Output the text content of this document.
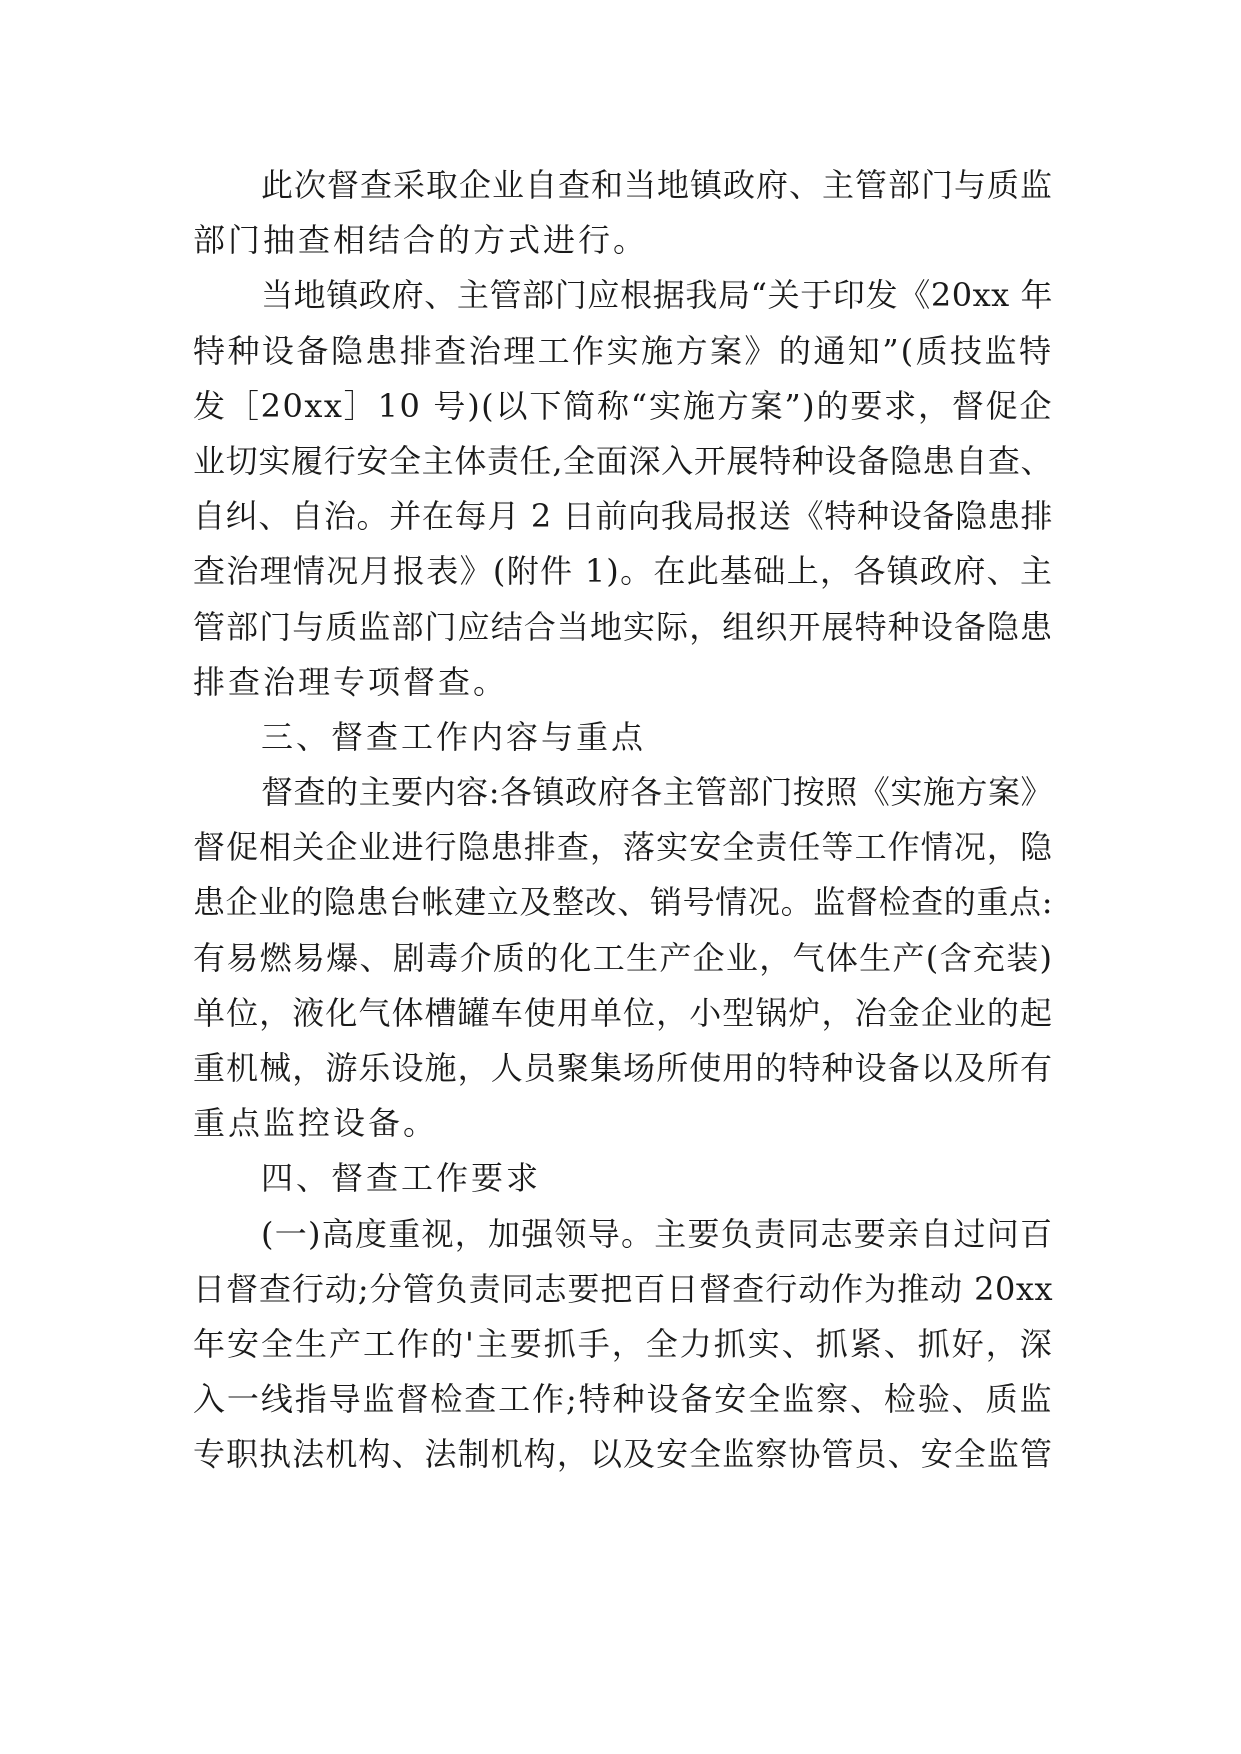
此次督查采取企业自查和当地镇政府、主管部门与质监
部门抽查相结合的方式进行。
当地镇政府、主管部门应根据我局“关于印发《20xx 年
特种设备隐患排查治理工作实施方案》的通知”(质技监特
发［20xx］10 号)(以下简称“实施方案”)的要求，督促企
业切实履行安全主体责任,全面深入开展特种设备隐患自查、
自纠、自治。并在每月 2 日前向我局报送《特种设备隐患排
查治理情况月报表》(附件 1)。在此基础上，各镇政府、主
管部门与质监部门应结合当地实际，组织开展特种设备隐患
排查治理专项督查。
三、督查工作内容与重点
督查的主要内容:各镇政府各主管部门按照《实施方案》
督促相关企业进行隐患排查，落实安全责任等工作情况，隐
患企业的隐患台帐建立及整改、销号情况。监督检查的重点:
有易燃易爆、剧毒介质的化工生产企业，气体生产(含充装)
单位，液化气体槽罐车使用单位，小型锅炉，冶金企业的起
重机械，游乐设施，人员聚集场所使用的特种设备以及所有
重点监控设备。
四、督查工作要求
(一)高度重视，加强领导。主要负责同志要亲自过问百
日督查行动;分管负责同志要把百日督查行动作为推动 20xx
年安全生产工作的'主要抓手，全力抓实、抓紧、抓好，深
入一线指导监督检查工作;特种设备安全监察、检验、质监
专职执法机构、法制机构，以及安全监察协管员、安全监管
